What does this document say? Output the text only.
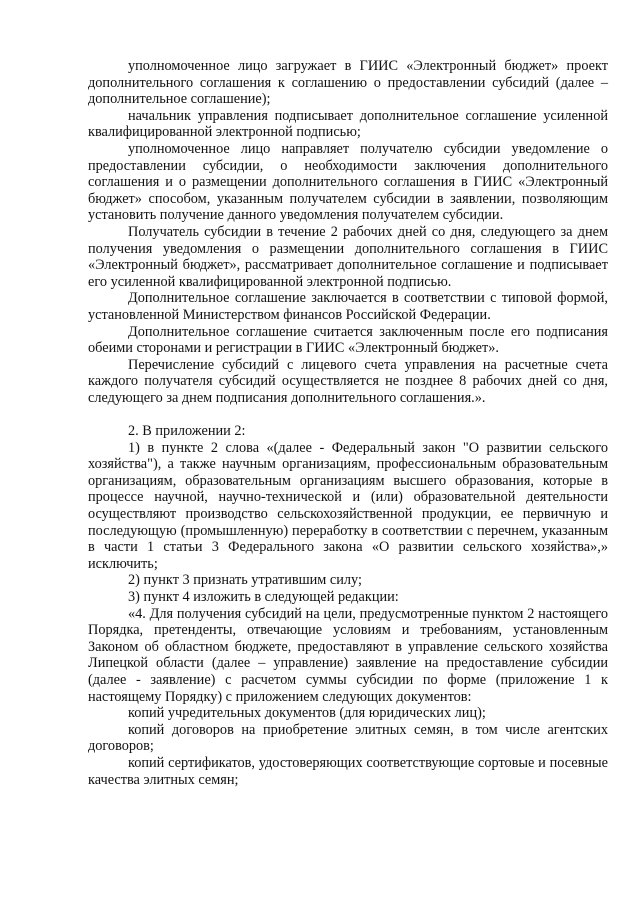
уполномоченное лицо загружает в ГИИС «Электронный бюджет» проект дополнительного соглашения к соглашению о предоставлении субсидий (далее – дополнительное соглашение);

начальник управления подписывает дополнительное соглашение усиленной квалифицированной электронной подписью;

уполномоченное лицо направляет получателю субсидии уведомление о предоставлении субсидии, о необходимости заключения дополнительного соглашения и о размещении дополнительного соглашения в ГИИС «Электронный бюджет» способом, указанным получателем субсидии в заявлении, позволяющим установить получение данного уведомления получателем субсидии.

Получатель субсидии в течение 2 рабочих дней со дня, следующего за днем получения уведомления о размещении дополнительного соглашения в ГИИС «Электронный бюджет», рассматривает дополнительное соглашение и подписывает его усиленной квалифицированной электронной подписью.

Дополнительное соглашение заключается в соответствии с типовой формой, установленной Министерством финансов Российской Федерации.

Дополнительное соглашение считается заключенным после его подписания обеими сторонами и регистрации в ГИИС «Электронный бюджет».

Перечисление субсидий с лицевого счета управления на расчетные счета каждого получателя субсидий осуществляется не позднее 8 рабочих дней со дня, следующего за днем подписания дополнительного соглашения.».

2. В приложении 2:

1) в пункте 2 слова «(далее - Федеральный закон "О развитии сельского хозяйства"), а также научным организациям, профессиональным образовательным организациям, образовательным организациям высшего образования, которые в процессе научной, научно-технической и (или) образовательной деятельности осуществляют производство сельскохозяйственной продукции, ее первичную и последующую (промышленную) переработку в соответствии с перечнем, указанным в части 1 статьи 3 Федерального закона «О развитии сельского хозяйства»,» исключить;

2) пункт 3 признать утратившим силу;

3) пункт 4 изложить в следующей редакции:

«4. Для получения субсидий на цели, предусмотренные пунктом 2 настоящего Порядка, претенденты, отвечающие условиям и требованиям, установленным Законом об областном бюджете, предоставляют в управление сельского хозяйства Липецкой области (далее – управление) заявление на предоставление субсидии (далее - заявление) с расчетом суммы субсидии по форме (приложение 1 к настоящему Порядку) с приложением следующих документов:

копий учредительных документов (для юридических лиц);

копий договоров на приобретение элитных семян, в том числе агентских договоров;

копий сертификатов, удостоверяющих соответствующие сортовые и посевные качества элитных семян;
